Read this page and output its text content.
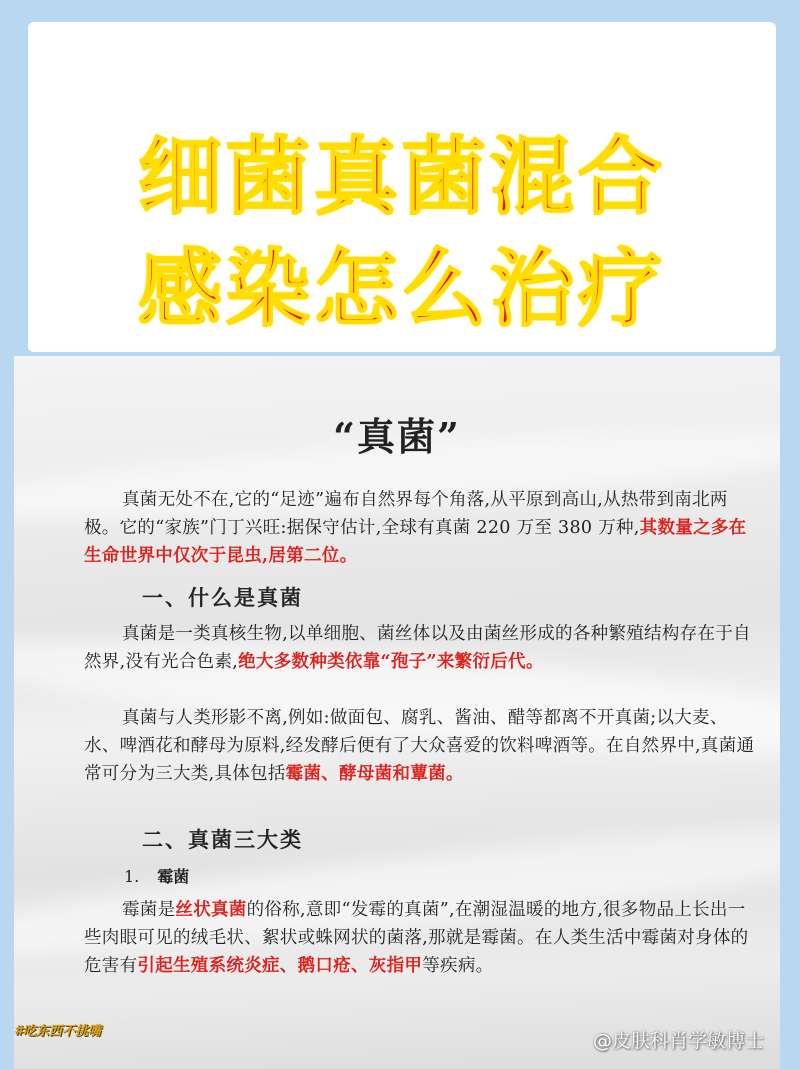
细菌真菌混合
感染怎么治疗
“真菌”
真菌无处不在,它的“足迹”遍布自然界每个角落,从平原到高山,从热带到南北两极。它的“家族”门丁兴旺:据保守估计,全球有真菌 220 万至 380 万种,其数量之多在生命世界中仅次于昆虫,居第二位。
一、什么是真菌
真菌是一类真核生物,以单细胞、菌丝体以及由菌丝形成的各种繁殖结构存在于自然界,没有光合色素,绝大多数种类依靠“孢子”来繁衍后代。
真菌与人类形影不离,例如:做面包、腐乳、酱油、醋等都离不开真菌;以大麦、水、啤酒花和酵母为原料,经发酵后便有了大众喜爱的饮料啤酒等。在自然界中,真菌通常可分为三大类,具体包括霉菌、酵母菌和蕈菌。
二、真菌三大类
1. 霉菌
霉菌是丝状真菌的俗称,意即“发霉的真菌”,在潮湿温暖的地方,很多物品上长出一些肉眼可见的绒毛状、絮状或蛛网状的菌落,那就是霉菌。在人类生活中霉菌对身体的危害有引起生殖系统炎症、鹅口疮、灰指甲等疾病。
#吃东西不挑嘴	@皮肤科肖学敏博士
